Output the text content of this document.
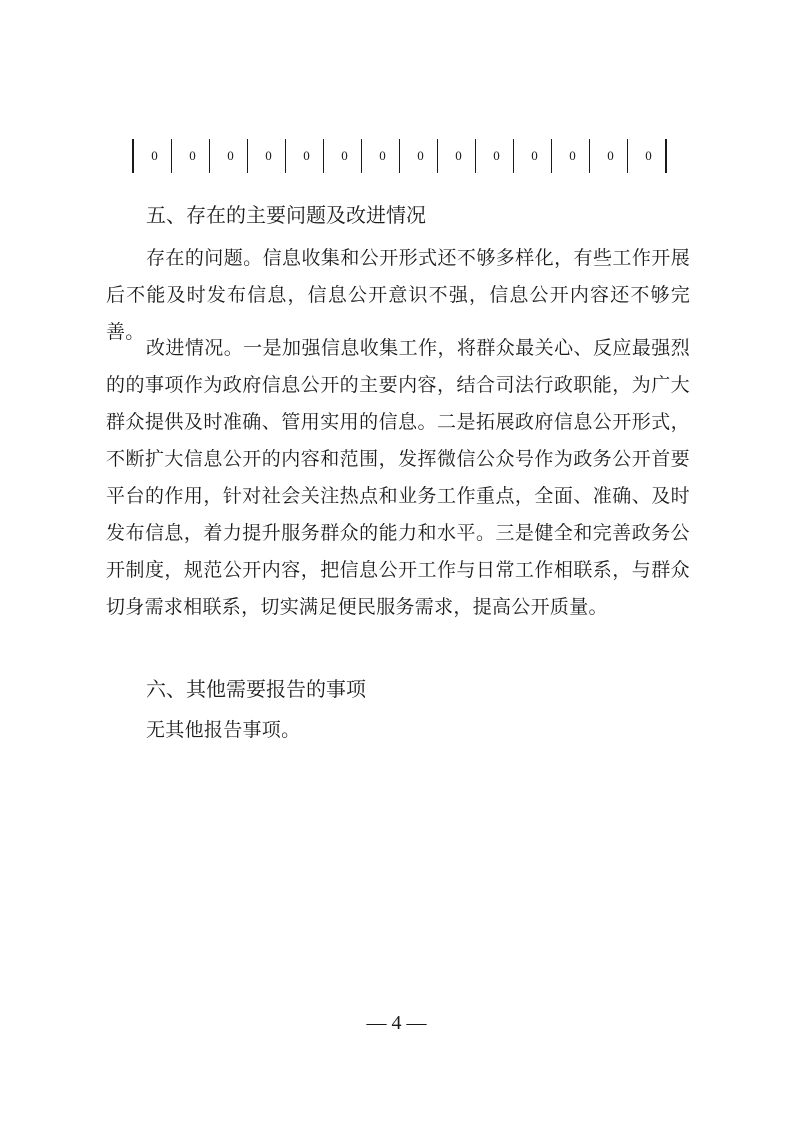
0	0	0	0	0	0	0	0	0	0	0	0	0	0
五、存在的主要问题及改进情况

存在的问题。信息收集和公开形式还不够多样化，有些工作开展后不能及时发布信息，信息公开意识不强，信息公开内容还不够完善。

改进情况。一是加强信息收集工作，将群众最关心、反应最强烈的的事项作为政府信息公开的主要内容，结合司法行政职能，为广大群众提供及时准确、管用实用的信息。二是拓展政府信息公开形式，不断扩大信息公开的内容和范围，发挥微信公众号作为政务公开首要平台的作用，针对社会关注热点和业务工作重点，全面、准确、及时发布信息，着力提升服务群众的能力和水平。三是健全和完善政务公开制度，规范公开内容，把信息公开工作与日常工作相联系，与群众切身需求相联系，切实满足便民服务需求，提高公开质量。

六、其他需要报告的事项

无其他报告事项。

— 4 —
